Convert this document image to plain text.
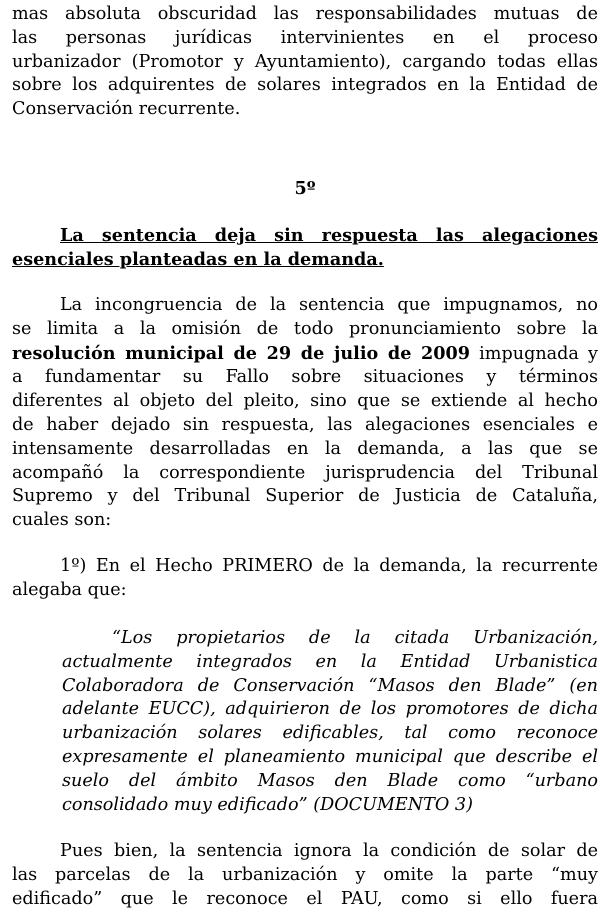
mas absoluta obscuridad las responsabilidades mutuas de

las personas jurídicas intervinientes en el proceso

urbanizador (Promotor y Ayuntamiento), cargando todas ellas

sobre los adquirentes de solares integrados en la Entidad de

Conservación recurrente.

5º

La sentencia deja sin respuesta las alegaciones

esenciales planteadas en la demanda.

La incongruencia de la sentencia que impugnamos, no

se limita a la omisión de todo pronunciamiento sobre la

resolución municipal de 29 de julio de 2009 impugnada y

a fundamentar su Fallo sobre situaciones y términos

diferentes al objeto del pleito, sino que se extiende al hecho

de haber dejado sin respuesta, las alegaciones esenciales e

intensamente desarrolladas en la demanda, a las que se

acompañó la correspondiente jurisprudencia del Tribunal

Supremo y del Tribunal Superior de Justicia de Cataluña,

cuales son:

1º) En el Hecho PRIMERO de la demanda, la recurrente

alegaba que:

“Los propietarios de la citada Urbanización,

actualmente integrados en la Entidad Urbanistica

Colaboradora de Conservación “Masos den Blade” (en

adelante EUCC), adquirieron de los promotores de dicha

urbanización solares edificables, tal como reconoce

expresamente el planeamiento municipal que describe el

suelo del ámbito Masos den Blade como “urbano

consolidado muy edificado” (DOCUMENTO 3)

Pues bien, la sentencia ignora la condición de solar de

las parcelas de la urbanización y omite la parte “muy

edificado” que le reconoce el PAU, como si ello fuera
